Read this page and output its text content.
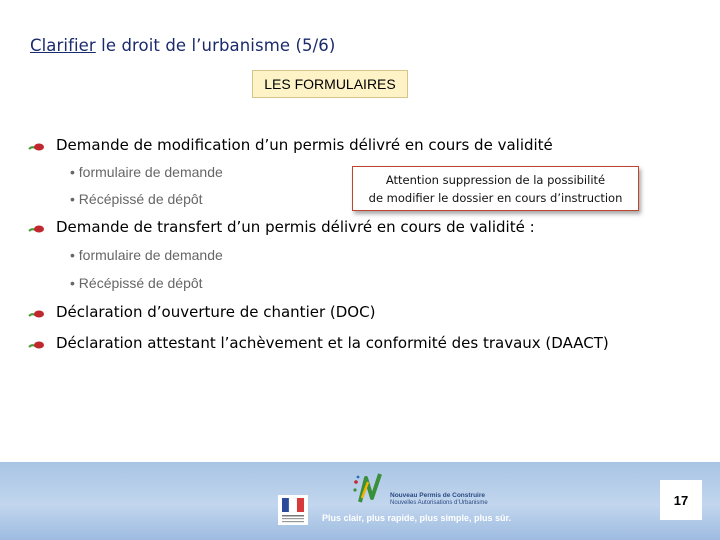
Clarifier le droit de l’urbanisme (5/6)
LES FORMULAIRES
Demande de modification d’un permis délivré en cours de validité
• formulaire de demande
• Récépissé de dépôt
Attention suppression de la possibilité
de modifier le dossier en cours d’instruction
Demande de transfert d’un permis délivré en cours de validité :
• formulaire de demande
• Récépissé de dépôt
Déclaration d’ouverture de chantier (DOC)
Déclaration attestant l’achèvement et la conformité des travaux (DAACT)
Nouveau Permis de Construire
Nouvelles Autorisations d’Urbanisme
Plus clair, plus rapide, plus simple, plus sûr.
17
